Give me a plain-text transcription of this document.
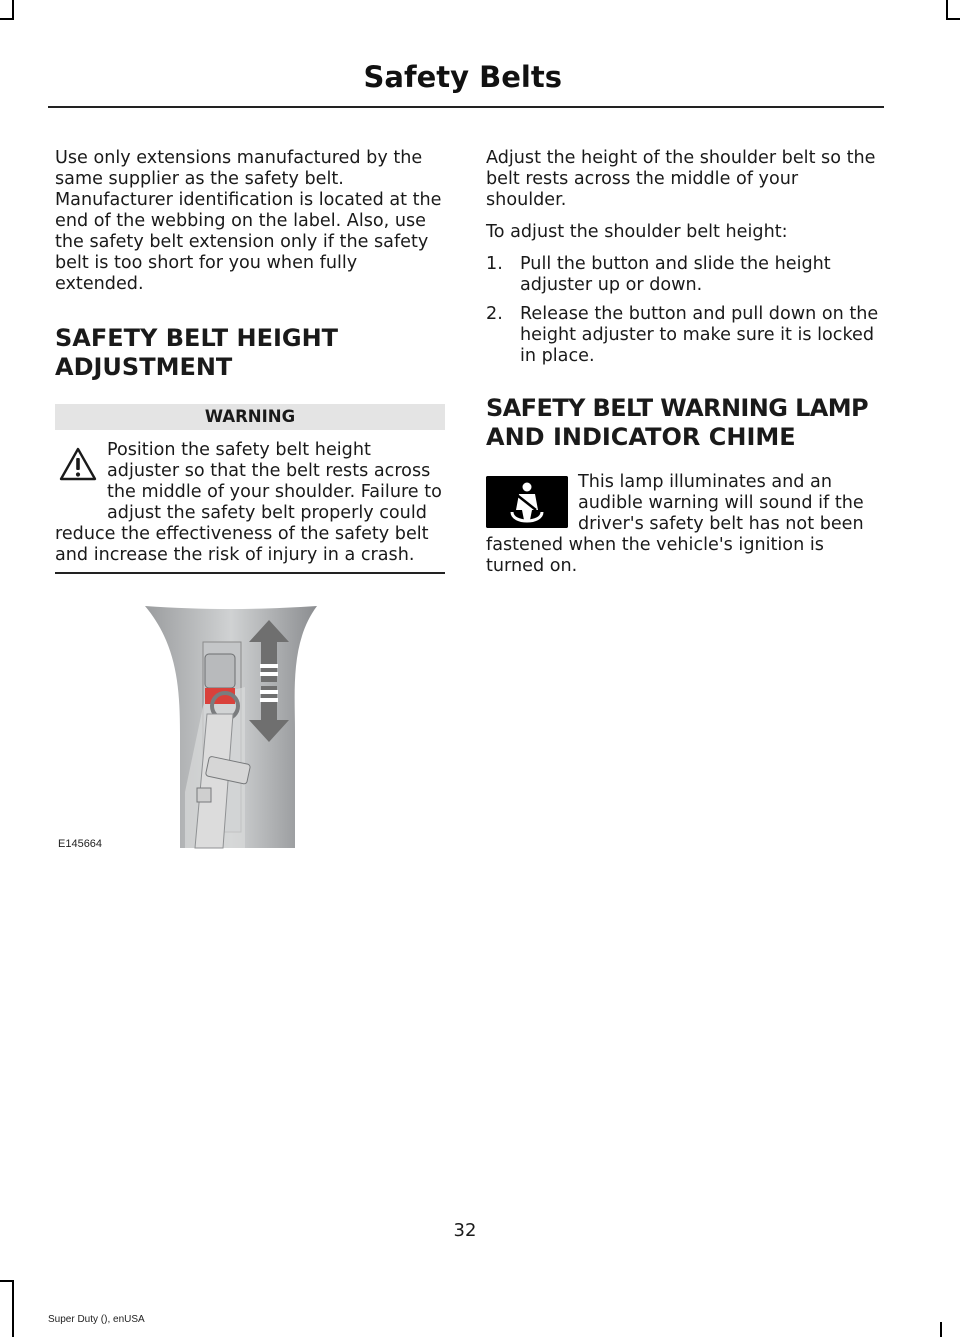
Safety Belts

Use only extensions manufactured by the same supplier as the safety belt. Manufacturer identification is located at the end of the webbing on the label. Also, use the safety belt extension only if the safety belt is too short for you when fully extended.

SAFETY BELT HEIGHT
ADJUSTMENT
WARNING
Position the safety belt height adjuster so that the belt rests across the middle of your shoulder. Failure to adjust the safety belt properly could reduce the effectiveness of the safety belt and increase the risk of injury in a crash.
E145664

Adjust the height of the shoulder belt so the belt rests across the middle of your shoulder.

To adjust the shoulder belt height:

1. Pull the button and slide the height adjuster up or down.
2. Release the button and pull down on the height adjuster to make sure it is locked in place.
SAFETY BELT WARNING LAMP
AND INDICATOR CHIME
This lamp illuminates and an audible warning will sound if the driver's safety belt has not been fastened when the vehicle's ignition is turned on.
32
Super Duty (), enUSA
